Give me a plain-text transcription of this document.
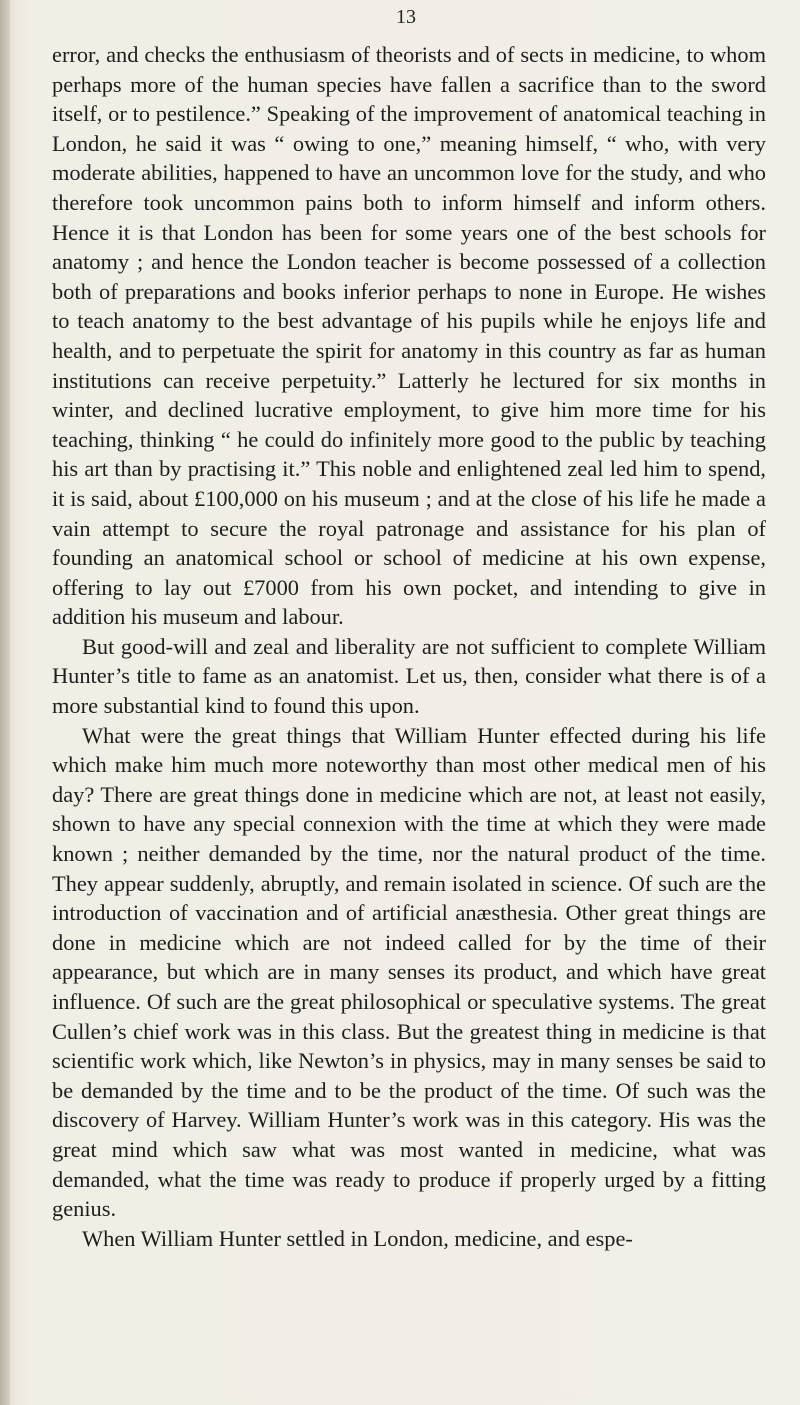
13

error, and checks the enthusiasm of theorists and of sects in medicine, to whom perhaps more of the human species have fallen a sacrifice than to the sword itself, or to pestilence.” Speaking of the improvement of anatomical teaching in London, he said it was “ owing to one,” meaning himself, “ who, with very moderate abilities, happened to have an uncommon love for the study, and who therefore took uncommon pains both to inform himself and inform others. Hence it is that London has been for some years one of the best schools for anatomy ; and hence the London teacher is become possessed of a collection both of preparations and books inferior perhaps to none in Europe. He wishes to teach anatomy to the best advantage of his pupils while he enjoys life and health, and to perpetuate the spirit for anatomy in this country as far as human institutions can receive perpetuity.” Latterly he lectured for six months in winter, and declined lucrative employment, to give him more time for his teaching, thinking “ he could do infinitely more good to the public by teaching his art than by practising it.” This noble and enlightened zeal led him to spend, it is said, about £100,000 on his museum ; and at the close of his life he made a vain attempt to secure the royal patronage and assistance for his plan of founding an anatomical school or school of medicine at his own expense, offering to lay out £7000 from his own pocket, and intending to give in addition his museum and labour.

But good-will and zeal and liberality are not sufficient to complete William Hunter’s title to fame as an anatomist. Let us, then, consider what there is of a more substantial kind to found this upon.

What were the great things that William Hunter effected during his life which make him much more noteworthy than most other medical men of his day? There are great things done in medicine which are not, at least not easily, shown to have any special connexion with the time at which they were made known ; neither demanded by the time, nor the natural product of the time. They appear suddenly, abruptly, and remain isolated in science. Of such are the introduction of vaccination and of artificial anæsthesia. Other great things are done in medicine which are not indeed called for by the time of their appearance, but which are in many senses its product, and which have great influence. Of such are the great philosophical or speculative systems. The great Cullen’s chief work was in this class. But the greatest thing in medicine is that scientific work which, like Newton’s in physics, may in many senses be said to be demanded by the time and to be the product of the time. Of such was the discovery of Harvey. William Hunter’s work was in this category. His was the great mind which saw what was most wanted in medicine, what was demanded, what the time was ready to produce if properly urged by a fitting genius.

When William Hunter settled in London, medicine, and espe-
